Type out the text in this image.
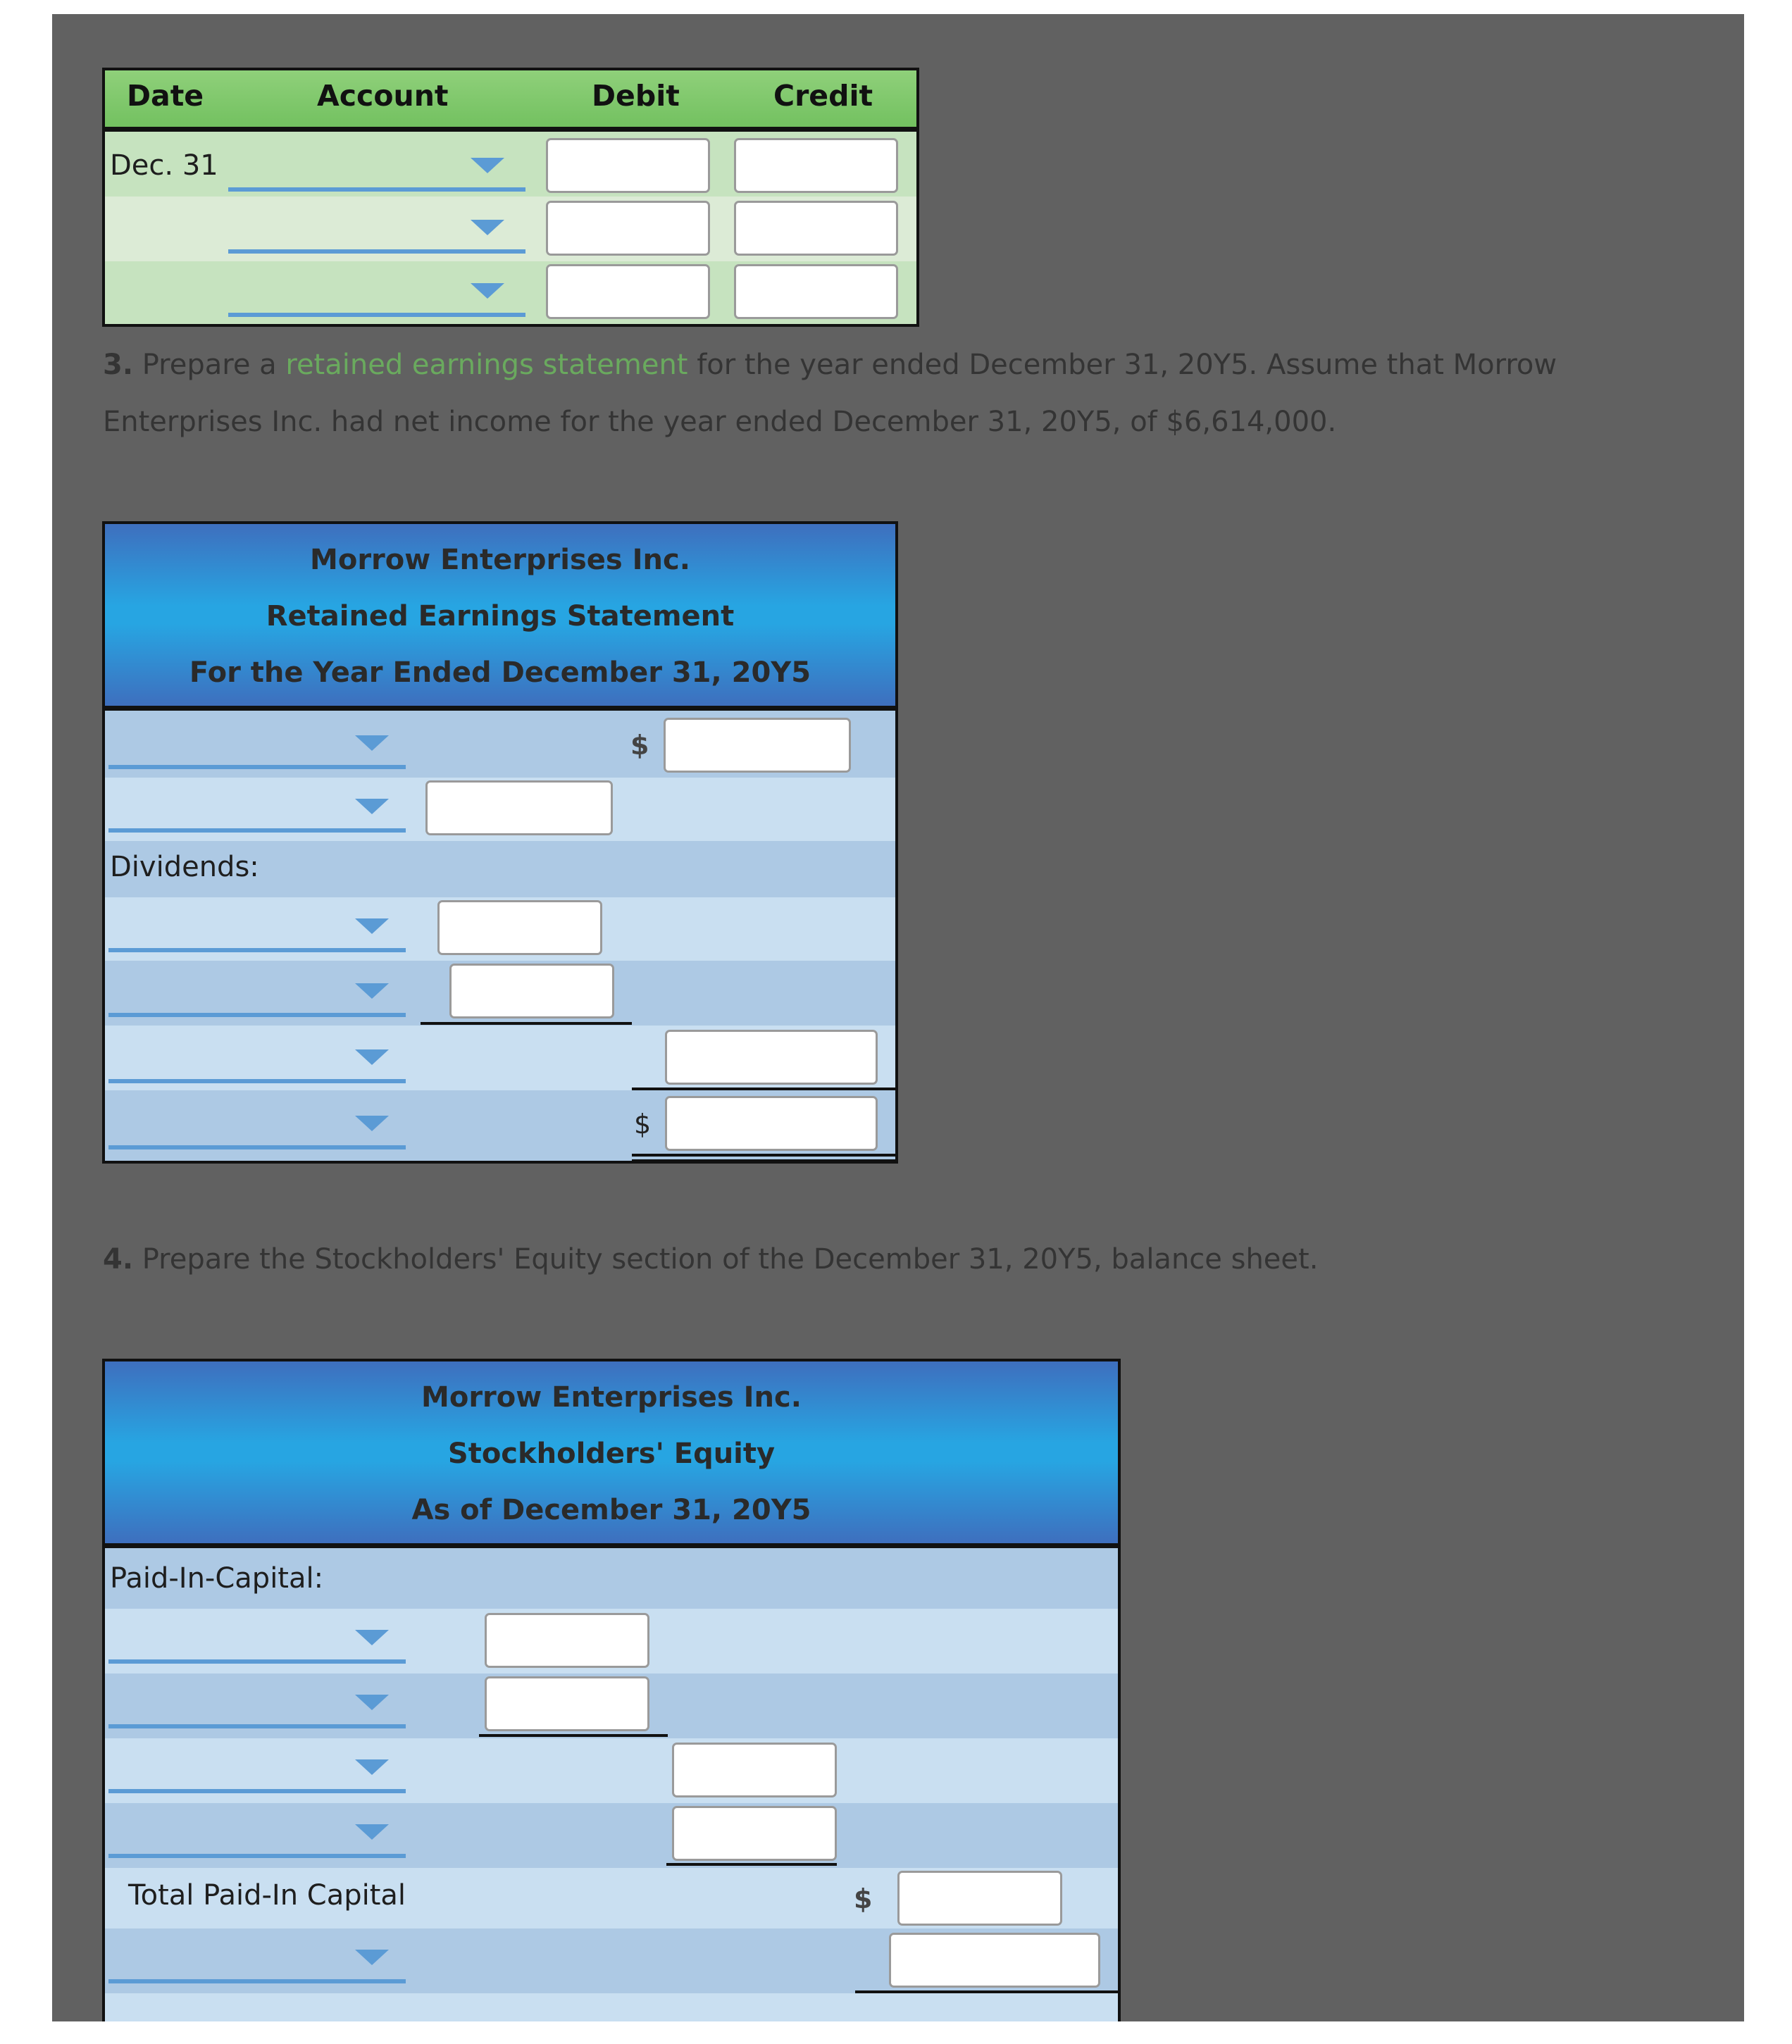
Date	Account	Debit	Credit
Dec. 31
3. Prepare a retained earnings statement for the year ended December 31, 20Y5. Assume that Morrow
Enterprises Inc. had net income for the year ended December 31, 20Y5, of $6,614,000.
Morrow Enterprises Inc.
Retained Earnings Statement
For the Year Ended December 31, 20Y5
$
Dividends:
$
4. Prepare the Stockholders' Equity section of the December 31, 20Y5, balance sheet.
Morrow Enterprises Inc.
Stockholders' Equity
As of December 31, 20Y5
Paid-In-Capital:
Total Paid-In Capital	$
